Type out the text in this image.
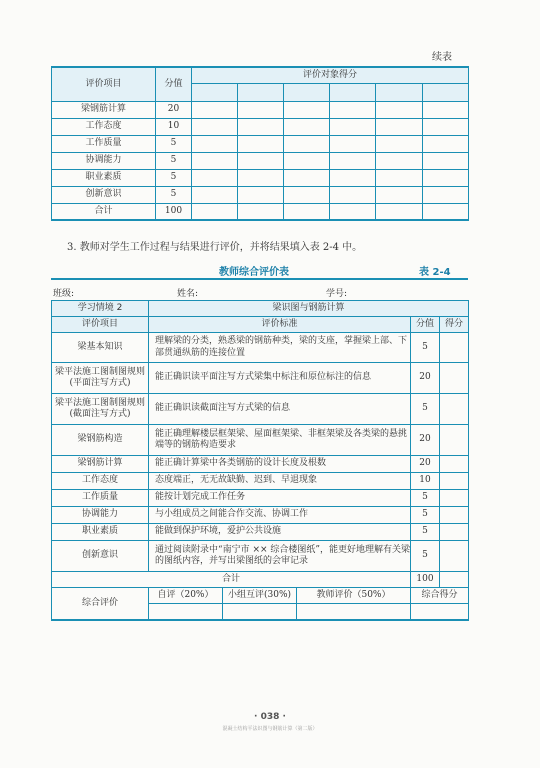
续表
评价项目	分值	评价对象得分					

梁钢筋计算	20						
工作态度	10						
工作质量	5						
协调能力	5						
职业素质	5						
创新意识	5						
合计	100						
3. 教师对学生工作过程与结果进行评价，并将结果填入表 2-4 中。
教师综合评价表	表 2-4
班级:	姓名:	学号:
学习情境 2	梁识图与钢筋计算				
评价项目	评价标准			分值	得分
梁基本知识	理解梁的分类，熟悉梁的钢筋种类，梁的支座，掌握梁上部、下部贯通纵筋的连接位置			5	
梁平法施工图制图规则(平面注写方式)	能正确识读平面注写方式梁集中标注和原位标注的信息			20	
梁平法施工图制图规则(截面注写方式)	能正确识读截面注写方式梁的信息			5	
梁钢筋构造	能正确理解楼层框架梁、屋面框架梁、非框架梁及各类梁的悬挑端等的钢筋构造要求			20	
梁钢筋计算	能正确计算梁中各类钢筋的设计长度及根数			20	
工作态度	态度端正，无无故缺勤、迟到、早退现象			10	
工作质量	能按计划完成工作任务			5	
协调能力	与小组成员之间能合作交流、协调工作			5	
职业素质	能做到保护环境，爱护公共设施			5	
创新意识	通过阅读附录中“南宁市 ×× 综合楼图纸”，能更好地理解有关梁的图纸内容，并写出梁图纸的会审记录			5	
合计				100	
综合评价	自评（20%）	小组互评(30%)	教师评价（50%）	综合得分	

· 038 ·
混凝土结构平法识图与钢筋计算（第二版）
